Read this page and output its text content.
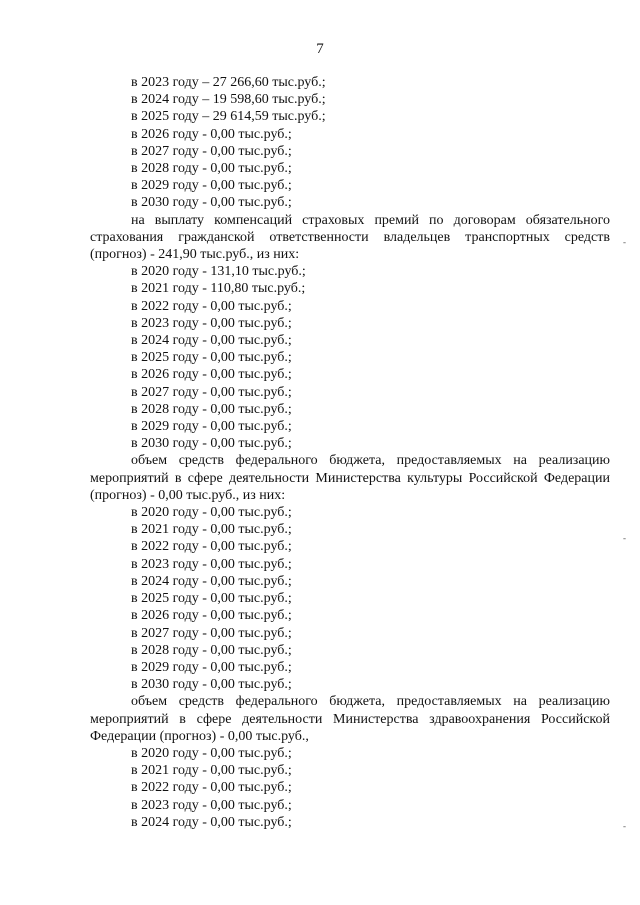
7

в 2023 году – 27 266,60 тыс.руб.;

в 2024 году – 19 598,60 тыс.руб.;

в 2025 году – 29 614,59 тыс.руб.;

в 2026 году - 0,00 тыс.руб.;

в 2027 году - 0,00 тыс.руб.;

в 2028 году - 0,00 тыс.руб.;

в 2029 году - 0,00 тыс.руб.;

в 2030 году - 0,00 тыс.руб.;

на выплату компенсаций страховых премий по договорам обязательного страхования гражданской ответственности владельцев транспортных средств (прогноз) - 241,90 тыс.руб., из них:

в 2020 году - 131,10 тыс.руб.;

в 2021 году - 110,80 тыс.руб.;

в 2022 году - 0,00 тыс.руб.;

в 2023 году - 0,00 тыс.руб.;

в 2024 году - 0,00 тыс.руб.;

в 2025 году - 0,00 тыс.руб.;

в 2026 году - 0,00 тыс.руб.;

в 2027 году - 0,00 тыс.руб.;

в 2028 году - 0,00 тыс.руб.;

в 2029 году - 0,00 тыс.руб.;

в 2030 году - 0,00 тыс.руб.;

объем средств федерального бюджета, предоставляемых на реализацию мероприятий в сфере деятельности Министерства культуры Российской Федерации (прогноз) - 0,00 тыс.руб., из них:

в 2020 году - 0,00 тыс.руб.;

в 2021 году - 0,00 тыс.руб.;

в 2022 году - 0,00 тыс.руб.;

в 2023 году - 0,00 тыс.руб.;

в 2024 году - 0,00 тыс.руб.;

в 2025 году - 0,00 тыс.руб.;

в 2026 году - 0,00 тыс.руб.;

в 2027 году - 0,00 тыс.руб.;

в 2028 году - 0,00 тыс.руб.;

в 2029 году - 0,00 тыс.руб.;

в 2030 году - 0,00 тыс.руб.;

объем средств федерального бюджета, предоставляемых на реализацию мероприятий в сфере деятельности Министерства здравоохранения Российской Федерации (прогноз) - 0,00 тыс.руб.,

в 2020 году - 0,00 тыс.руб.;

в 2021 году - 0,00 тыс.руб.;

в 2022 году - 0,00 тыс.руб.;

в 2023 году - 0,00 тыс.руб.;

в 2024 году - 0,00 тыс.руб.;

-
-
-
